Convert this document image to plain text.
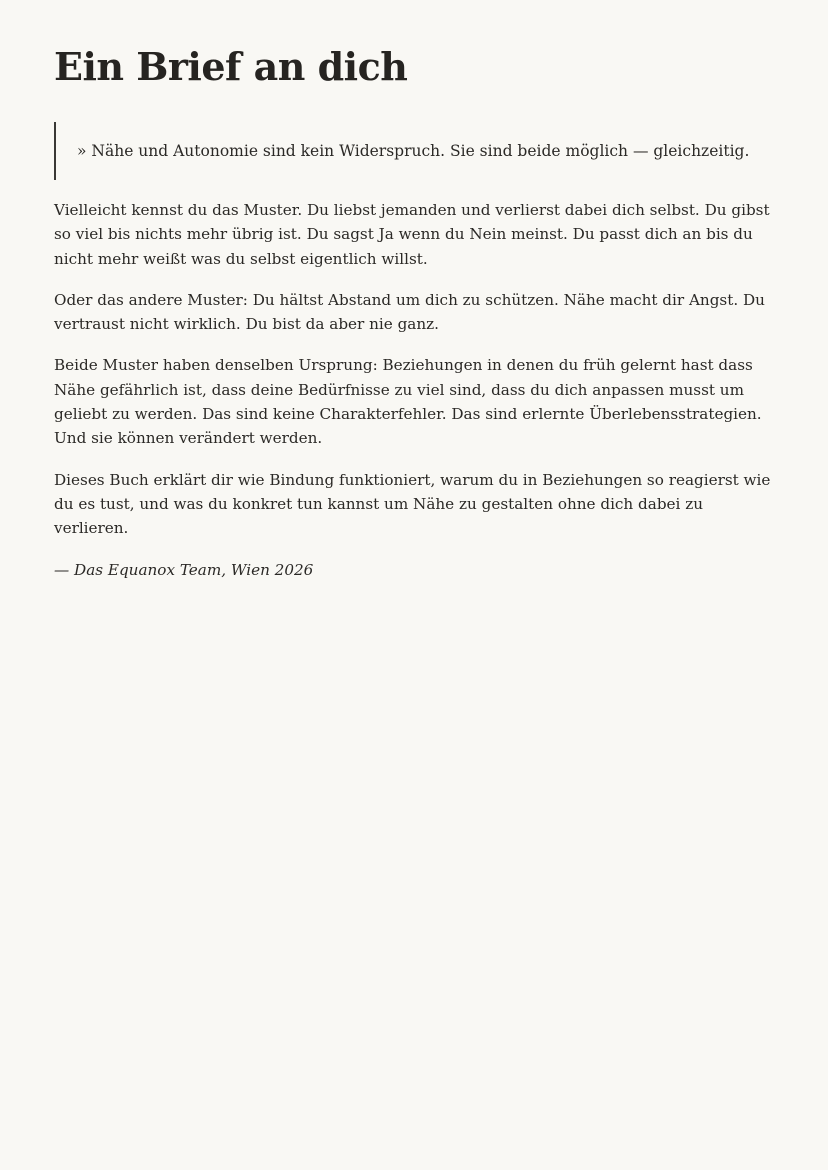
Ein Brief an dich
» Nähe und Autonomie sind kein Widerspruch. Sie sind beide möglich — gleichzeitig.

Vielleicht kennst du das Muster. Du liebst jemanden und verlierst dabei dich selbst. Du gibst so viel bis nichts mehr übrig ist. Du sagst Ja wenn du Nein meinst. Du passt dich an bis du nicht mehr weißt was du selbst eigentlich willst.

Oder das andere Muster: Du hältst Abstand um dich zu schützen. Nähe macht dir Angst. Du vertraust nicht wirklich. Du bist da aber nie ganz.

Beide Muster haben denselben Ursprung: Beziehungen in denen du früh gelernt hast dass Nähe gefährlich ist, dass deine Bedürfnisse zu viel sind, dass du dich anpassen musst um geliebt zu werden. Das sind keine Charakterfehler. Das sind erlernte Überlebensstrategien. Und sie können verändert werden.

Dieses Buch erklärt dir wie Bindung funktioniert, warum du in Beziehungen so reagierst wie du es tust, und was du konkret tun kannst um Nähe zu gestalten ohne dich dabei zu verlieren.

— Das Equanox Team, Wien 2026
